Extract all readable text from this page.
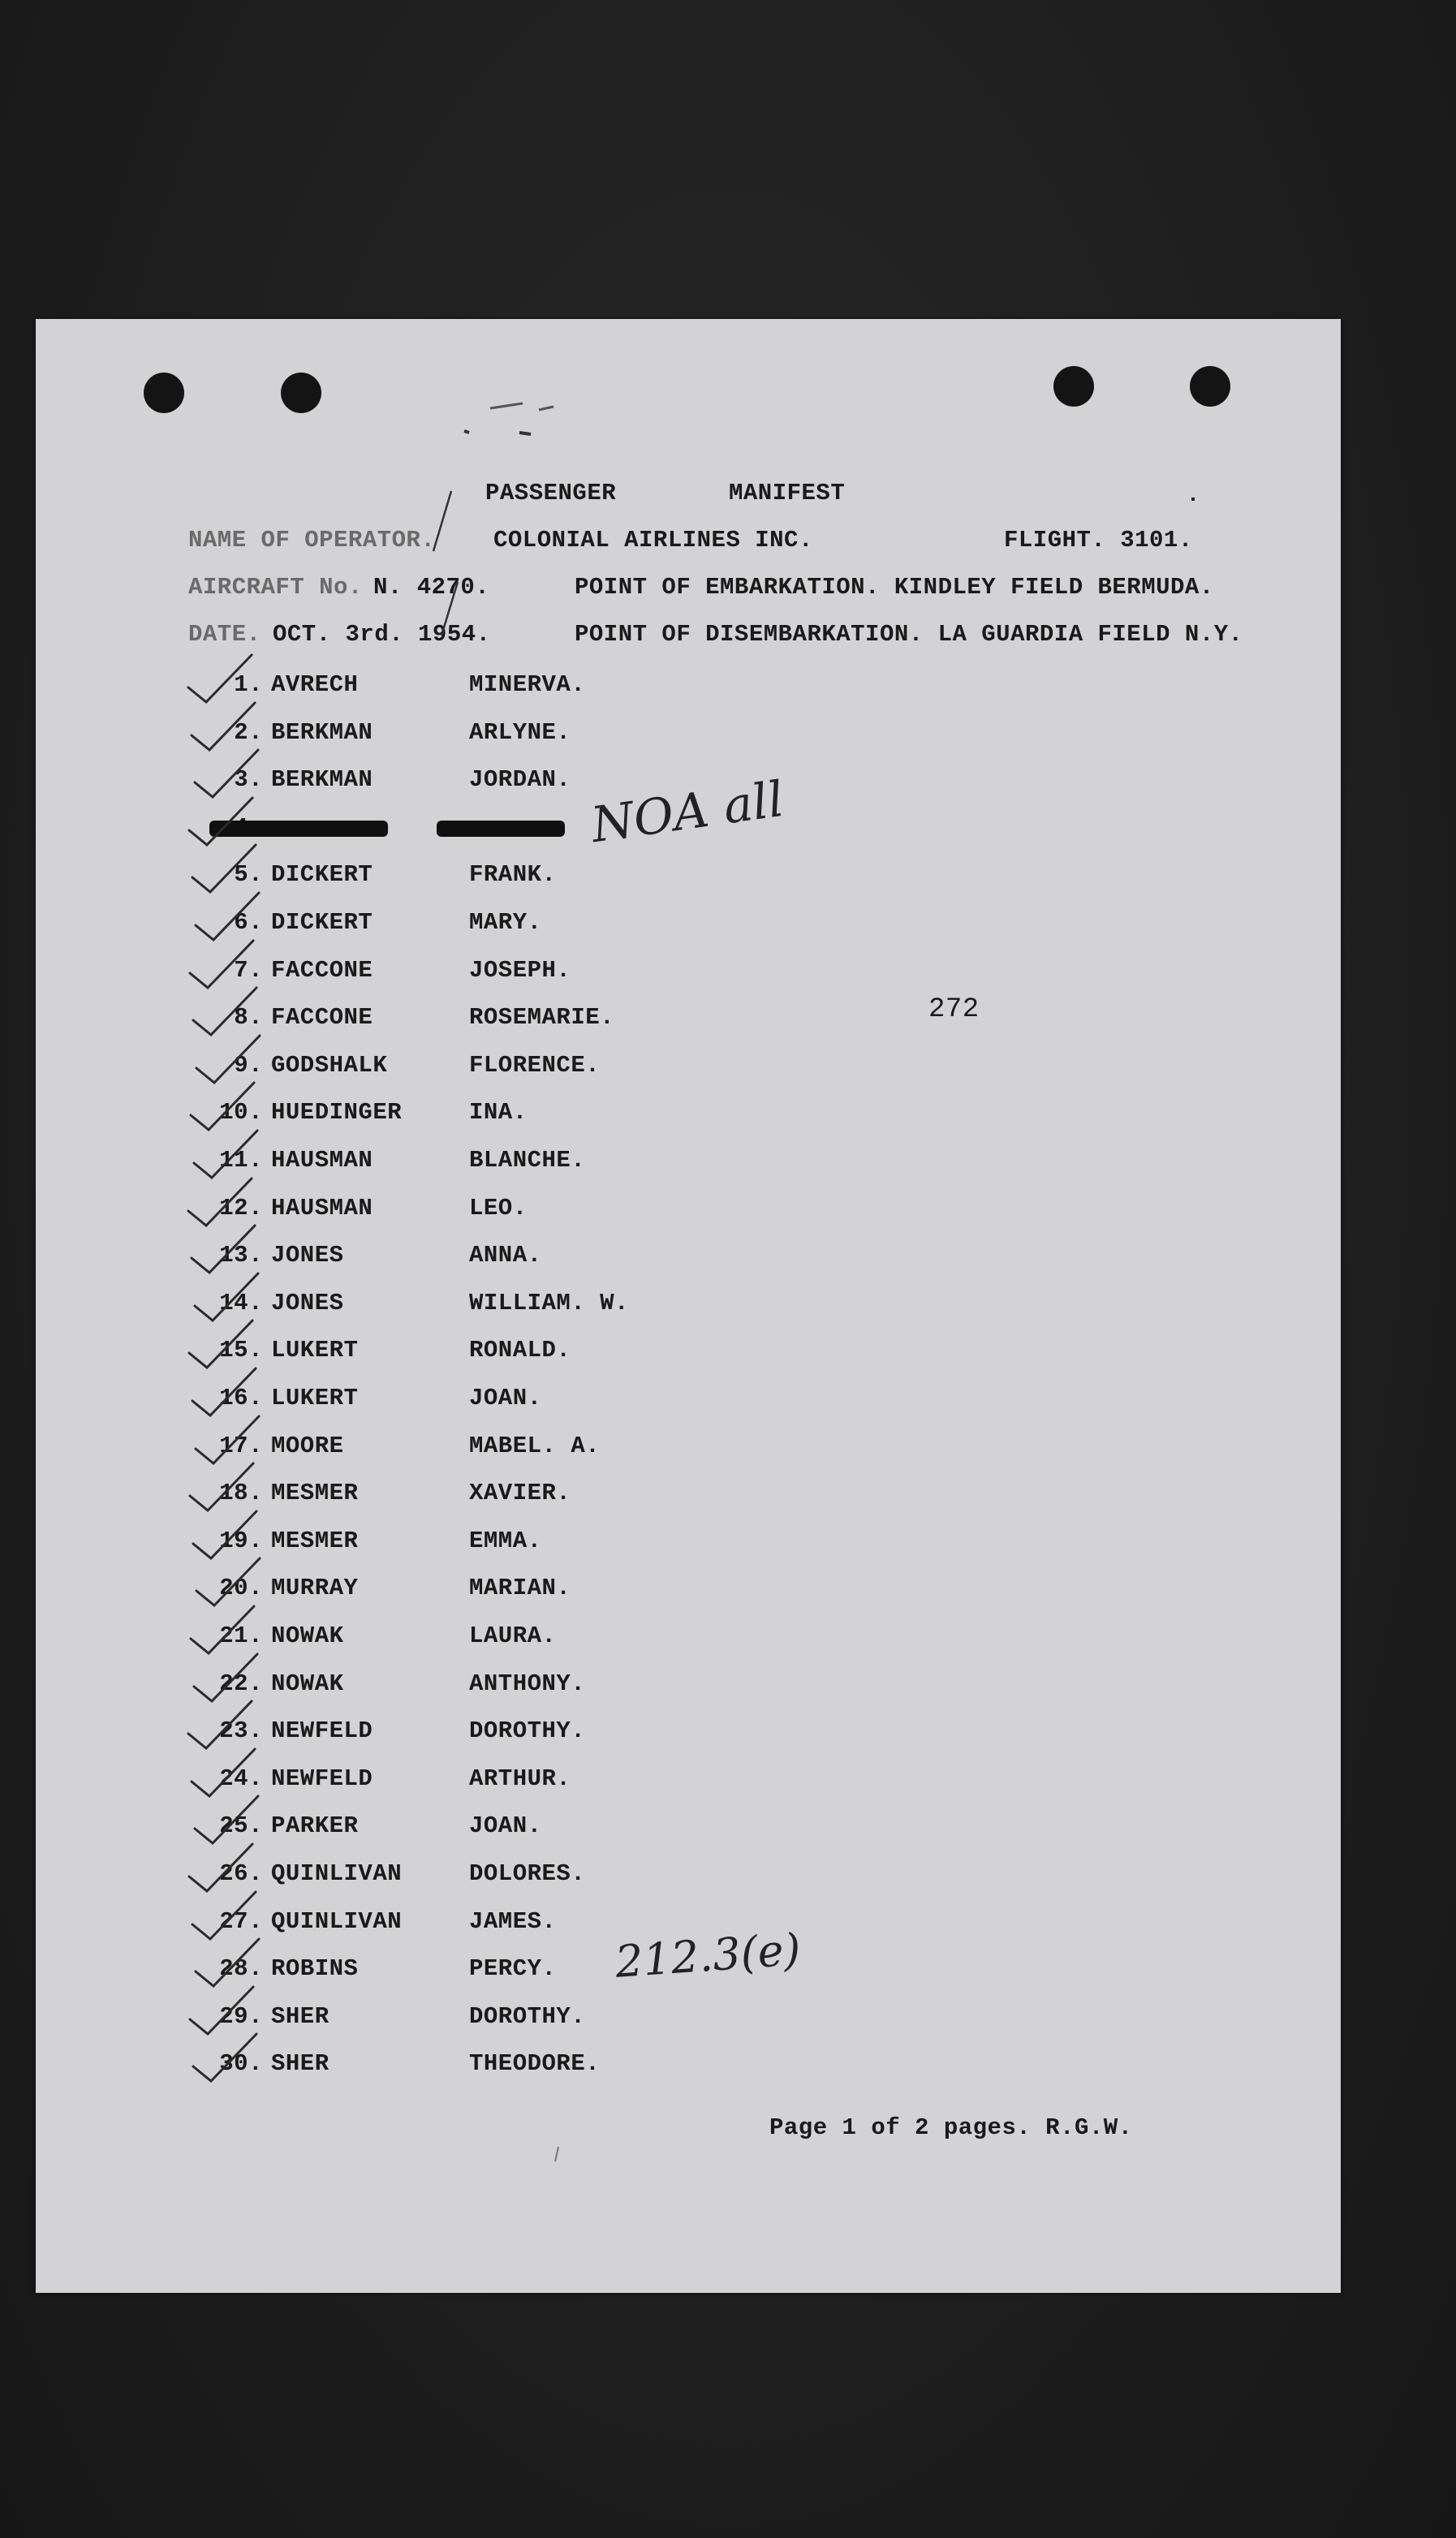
PASSENGER	MANIFEST
NAME OF OPERATOR. COLONIAL AIRLINES INC.	FLIGHT. 3101.
AIRCRAFT No. N. 4270.	POINT OF EMBARKATION. KINDLEY FIELD BERMUDA.
DATE. OCT. 3rd. 1954.	POINT OF DISEMBARKATION. LA GUARDIA FIELD N.Y.
1. AVRECH	MINERVA.
2. BERKMAN	ARLYNE.
3. BERKMAN	JORDAN.
5. DICKERT	FRANK.
6. DICKERT	MARY.
7. FACCONE	JOSEPH.
8. FACCONE	ROSEMARIE.
9. GODSHALK	FLORENCE.
10. HUEDINGER	INA.
11. HAUSMAN	BLANCHE.
12. HAUSMAN	LEO.
13. JONES	ANNA.
14. JONES	WILLIAM. W.
15. LUKERT	RONALD.
16. LUKERT	JOAN.
17. MOORE	MABEL. A.
18. MESMER	XAVIER.
19. MESMER	EMMA.
20. MURRAY	MARIAN.
21. NOWAK	LAURA.
22. NOWAK	ANTHONY.
23. NEWFELD	DOROTHY.
24. NEWFELD	ARTHUR.
25. PARKER	JOAN.
26. QUINLIVAN	DOLORES.
27. QUINLIVAN	JAMES.
28. ROBINS	PERCY.
29. SHER	DOROTHY.
30. SHER	THEODORE.
NOA all
272
212.3(e)
Page 1 of 2 pages. R.G.W.
